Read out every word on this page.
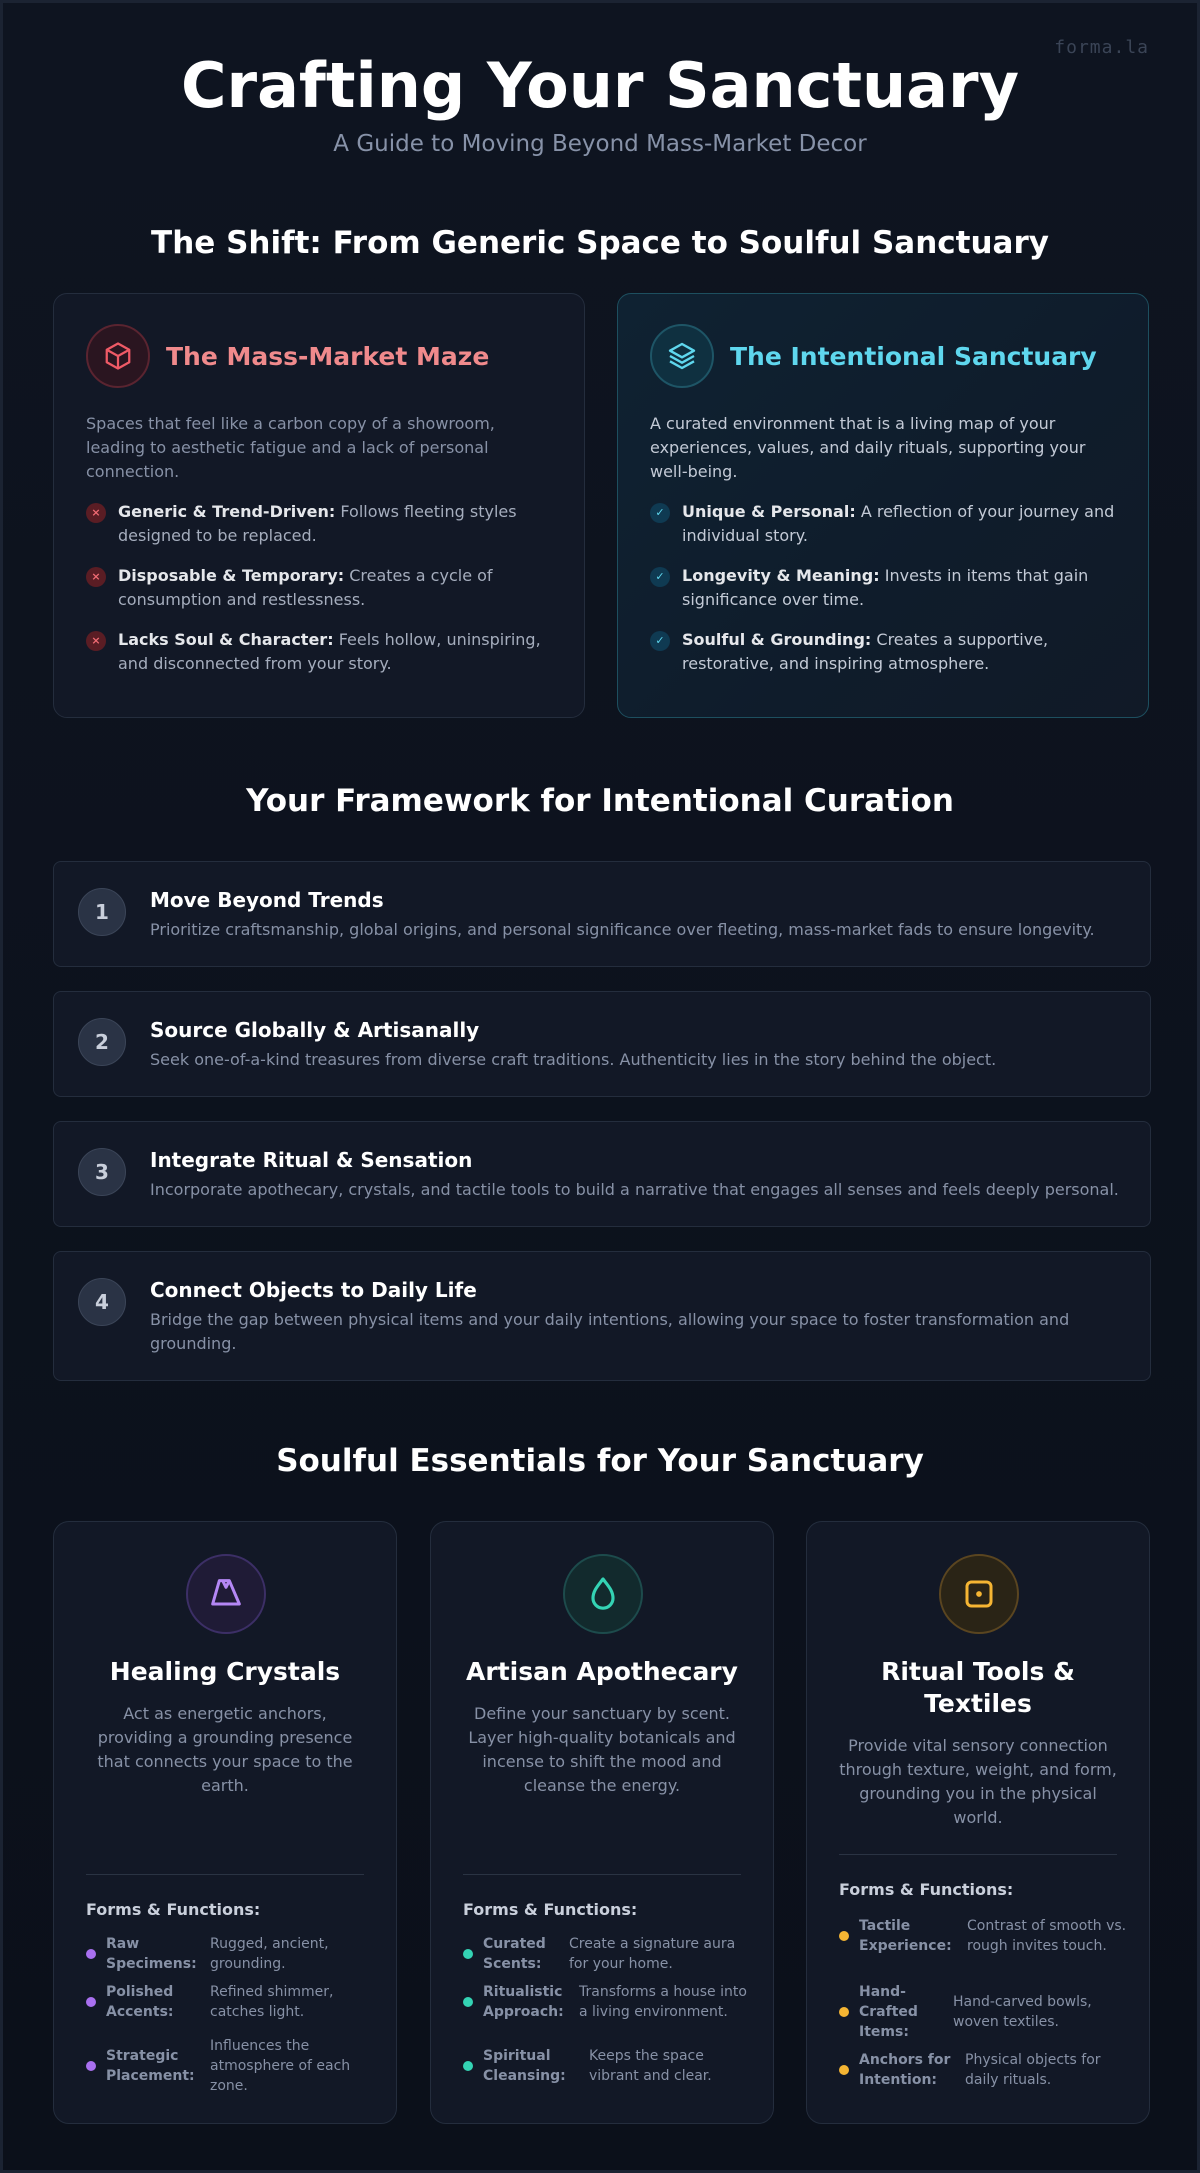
forma.la
Crafting Your Sanctuary
A Guide to Moving Beyond Mass-Market Decor
The Shift: From Generic Space to Soulful Sanctuary
The Mass-Market Maze

Spaces that feel like a carbon copy of a showroom, leading to aesthetic fatigue and a lack of personal connection.

×	Generic & Trend-Driven: Follows fleeting styles designed to be replaced.
×	Disposable & Temporary: Creates a cycle of consumption and restlessness.
×	Lacks Soul & Character: Feels hollow, uninspiring, and disconnected from your story.
The Intentional Sanctuary

A curated environment that is a living map of your experiences, values, and daily rituals, supporting your well-being.

✓	Unique & Personal: A reflection of your journey and individual story.
✓	Longevity & Meaning: Invests in items that gain significance over time.
✓	Soulful & Grounding: Creates a supportive, restorative, and inspiring atmosphere.
Your Framework for Intentional Curation
1	Move Beyond Trends
Prioritize craftsmanship, global origins, and personal significance over fleeting, mass-market fads to ensure longevity.
2	Source Globally & Artisanally
Seek one-of-a-kind treasures from diverse craft traditions. Authenticity lies in the story behind the object.
3	Integrate Ritual & Sensation
Incorporate apothecary, crystals, and tactile tools to build a narrative that engages all senses and feels deeply personal.
4	Connect Objects to Daily Life
Bridge the gap between physical items and your daily intentions, allowing your space to foster transformation and grounding.
Soulful Essentials for Your Sanctuary
Healing Crystals

Act as energetic anchors, providing a grounding presence that connects your space to the earth.

Forms & Functions:
Raw Specimens:
Rugged, ancient, grounding.
Polished Accents:
Refined shimmer, catches light.
Strategic Placement:
Influences the atmosphere of each zone.
Artisan Apothecary

Define your sanctuary by scent. Layer high-quality botanicals and incense to shift the mood and cleanse the energy.

Forms & Functions:
Curated Scents:
Create a signature aura for your home.
Ritualistic Approach:
Transforms a house into a living environment.
Spiritual Cleansing:
Keeps the space vibrant and clear.
Ritual Tools & Textiles

Provide vital sensory connection through texture, weight, and form, grounding you in the physical world.

Forms & Functions:
Tactile Experience:
Contrast of smooth vs. rough invites touch.
Hand-Crafted Items:
Hand-carved bowls, woven textiles.
Anchors for Intention:
Physical objects for daily rituals.
